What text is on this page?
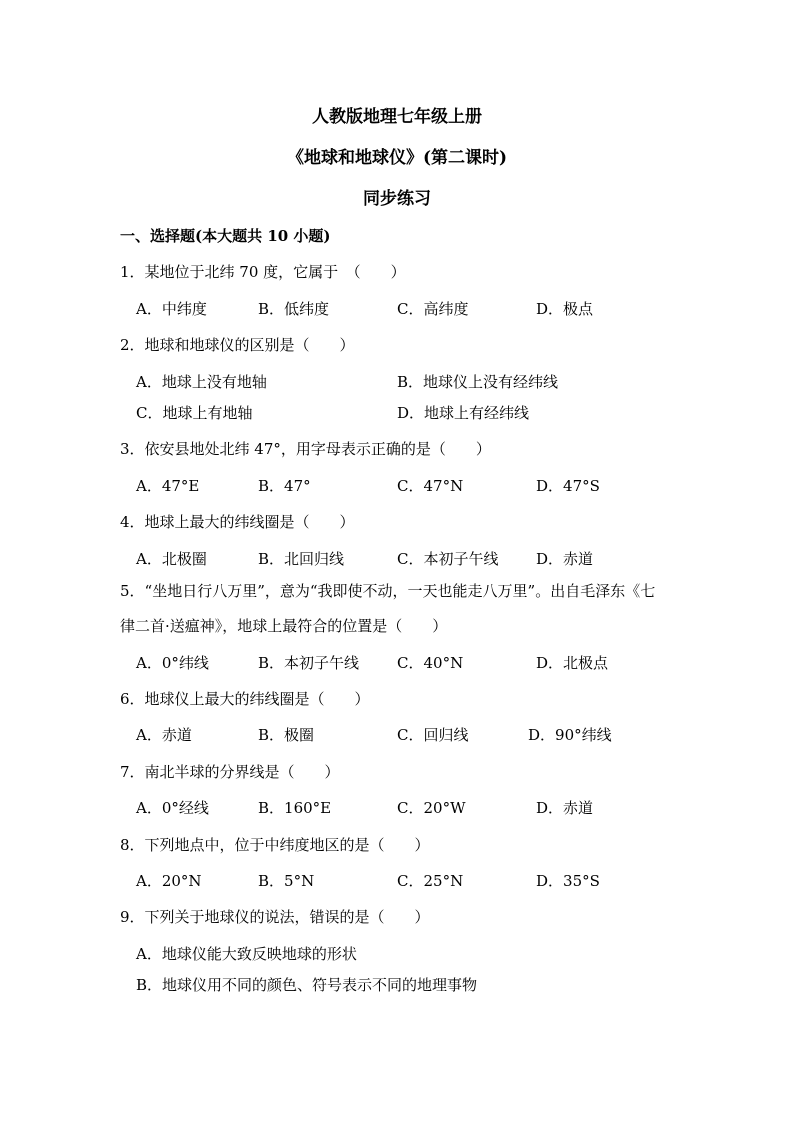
人教版地理七年级上册
《地球和地球仪》(第二课时)
同步练习
一、选择题(本大题共 10 小题)
1．某地位于北纬 70 度，它属于　（　　）
A．中纬度	B．低纬度	C．高纬度	D．极点
2．地球和地球仪的区别是（　　）
A．地球上没有地轴	B．地球仪上没有经纬线
C．地球上有地轴	D．地球上有经纬线
3．依安县地处北纬 47°，用字母表示正确的是（　　）
A．47°E	B．47°	C．47°N	D．47°S
4．地球上最大的纬线圈是（　　）
A．北极圈	B．北回归线	C．本初子午线	D．赤道
5．“坐地日行八万里”，意为“我即使不动，一天也能走八万里”。出自毛泽东《七
律二首·送瘟神》，地球上最符合的位置是（　　）
A．0°纬线	B．本初子午线	C．40°N	D．北极点
6．地球仪上最大的纬线圈是（　　）
A．赤道	B．极圈	C．回归线	D．90°纬线
7．南北半球的分界线是（　　）
A．0°经线	B．160°E	C．20°W	D．赤道
8．下列地点中，位于中纬度地区的是（　　）
A．20°N	B．5°N	C．25°N	D．35°S
9．下列关于地球仪的说法，错误的是（　　）
A．地球仪能大致反映地球的形状
B．地球仪用不同的颜色、符号表示不同的地理事物
